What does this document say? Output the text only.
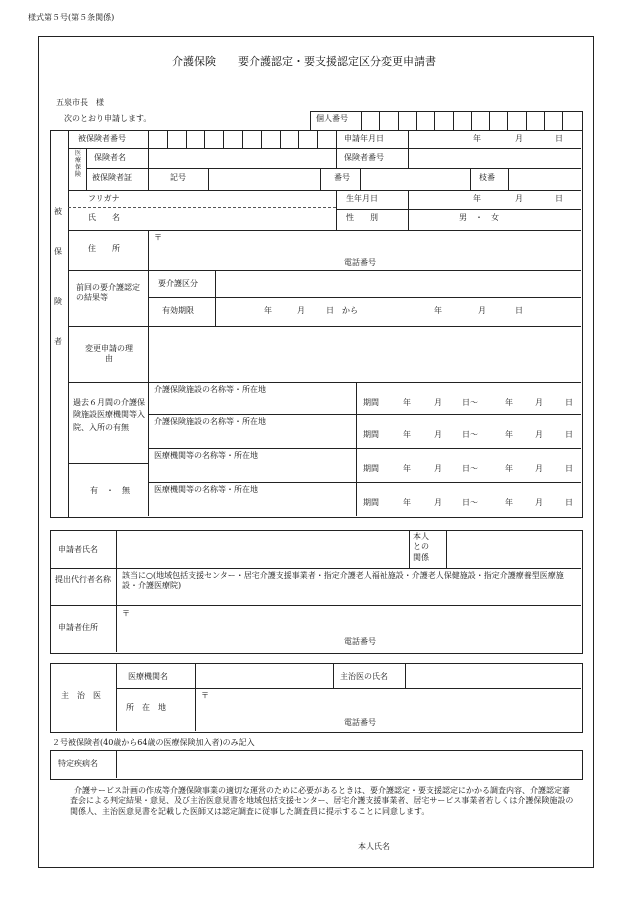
様式第５号(第５条関係)
介護保険　　要介護認定・要支援認定区分変更申請書
五泉市長　様
次のとおり申請します。	個人番号
被
保
険
者
被保険者番号	申請年月日	年	月	日
医
療
保
険
保険者名	保険者番号
被保険者証	記号	番号	枝番
フリガナ
氏　　名
生年月日	年	月	日
性　　別	男　・　女
住　　所
〒
電話番号
前回の要介護認定の結果等
要介護区分
有効期限	年	月	日 から	年	月	日
変更申請の理由
過去６月間の介護保険施設医療機関等入院、入所の有無
有　・　無
介護保険施設の名称等・所在地
期間	年	月	日〜	年	月	日
介護保険施設の名称等・所在地
期間	年	月	日〜	年	月	日
医療機関等の名称等・所在地
期間	年	月	日〜	年	月	日
医療機関等の名称等・所在地
期間	年	月	日〜	年	月	日
申請者氏名
本人
との
関係
提出代行者名称 該当に○(地域包括支援センター・居宅介護支援事業者・指定介護老人福祉施設・介護老人保健施設・指定介護療養型医療施設・介護医療院)
申請者住所
〒
電話番号
主　治　医
医療機関名	主治医の氏名
所　在　地
〒
電話番号
２号被保険者(40歳から64歳の医療保険加入者)のみ記入
特定疾病名
介護サービス計画の作成等介護保険事業の適切な運営のために必要があるときは、要介護認定・要支援認定にかかる調査内容、介護認定審査会による判定結果・意見、及び主治医意見書を地域包括支援センター、居宅介護支援事業者、居宅サービス事業者若しくは介護保険施設の関係人、主治医意見書を記載した医師又は認定調査に従事した調査員に提示することに同意します。
本人氏名
